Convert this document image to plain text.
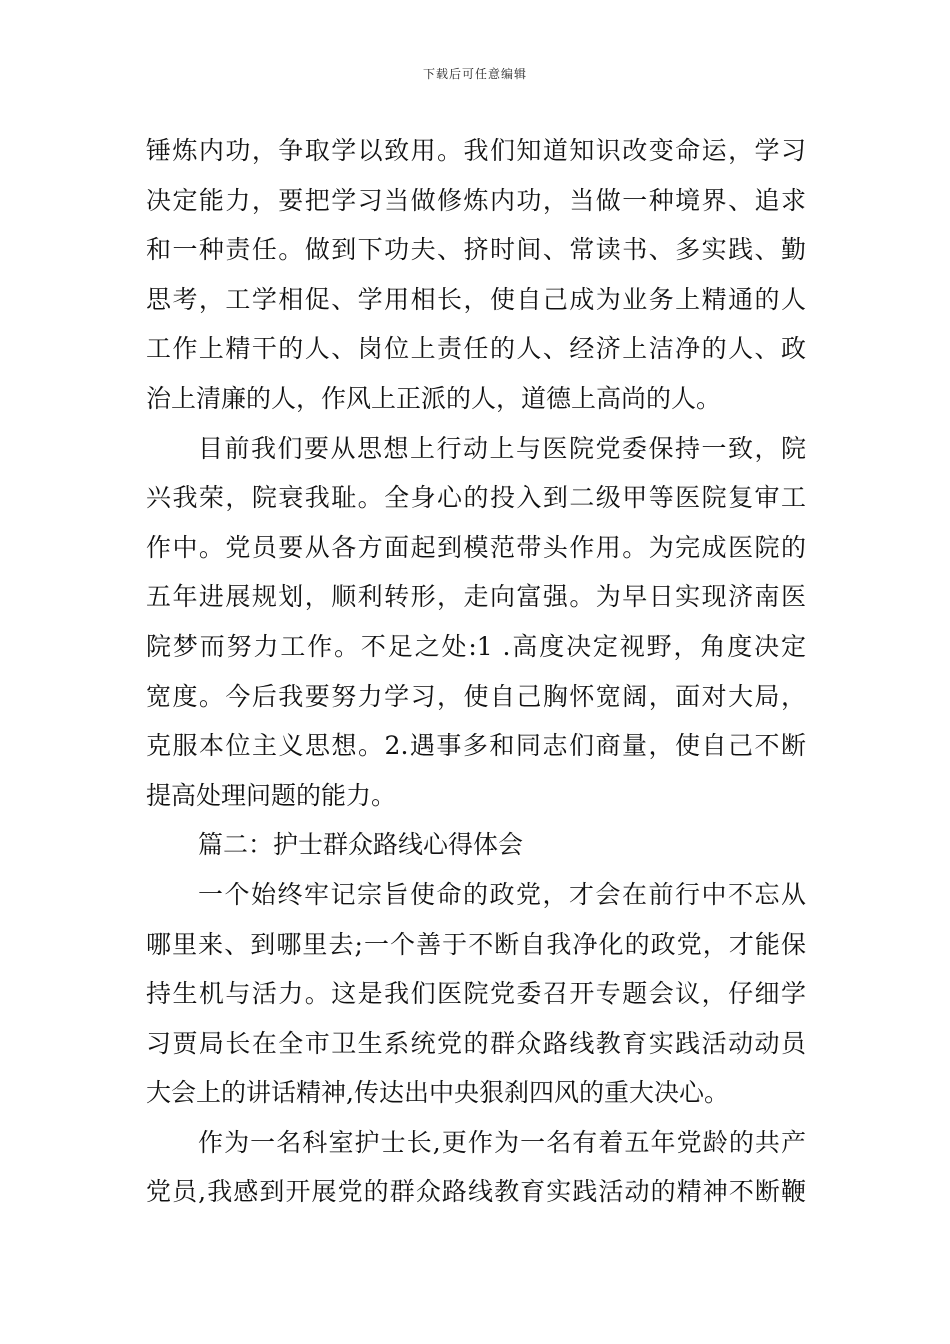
下载后可任意编辑
锤炼内功，争取学以致用。我们知道知识改变命运，学习
决定能力，要把学习当做修炼内功，当做一种境界、追求
和一种责任。做到下功夫、挤时间、常读书、多实践、勤
思考，工学相促、学用相长，使自己成为业务上精通的人
工作上精干的人、岗位上责任的人、经济上洁净的人、政
治上清廉的人，作风上正派的人，道德上高尚的人。
目前我们要从思想上行动上与医院党委保持一致，院
兴我荣，院衰我耻。全身心的投入到二级甲等医院复审工
作中。党员要从各方面起到模范带头作用。为完成医院的
五年进展规划，顺利转形，走向富强。为早日实现济南医
院梦而努力工作。不足之处:1 .高度决定视野，角度决定
宽度。今后我要努力学习，使自己胸怀宽阔，面对大局，
克服本位主义思想。2.遇事多和同志们商量，使自己不断
提高处理问题的能力。
篇二：护士群众路线心得体会
一个始终牢记宗旨使命的政党，才会在前行中不忘从
哪里来、到哪里去;一个善于不断自我净化的政党，才能保
持生机与活力。这是我们医院党委召开专题会议，仔细学
习贾局长在全市卫生系统党的群众路线教育实践活动动员
大会上的讲话精神,传达出中央狠刹四风的重大决心。
作为一名科室护士长,更作为一名有着五年党龄的共产
党员,我感到开展党的群众路线教育实践活动的精神不断鞭
